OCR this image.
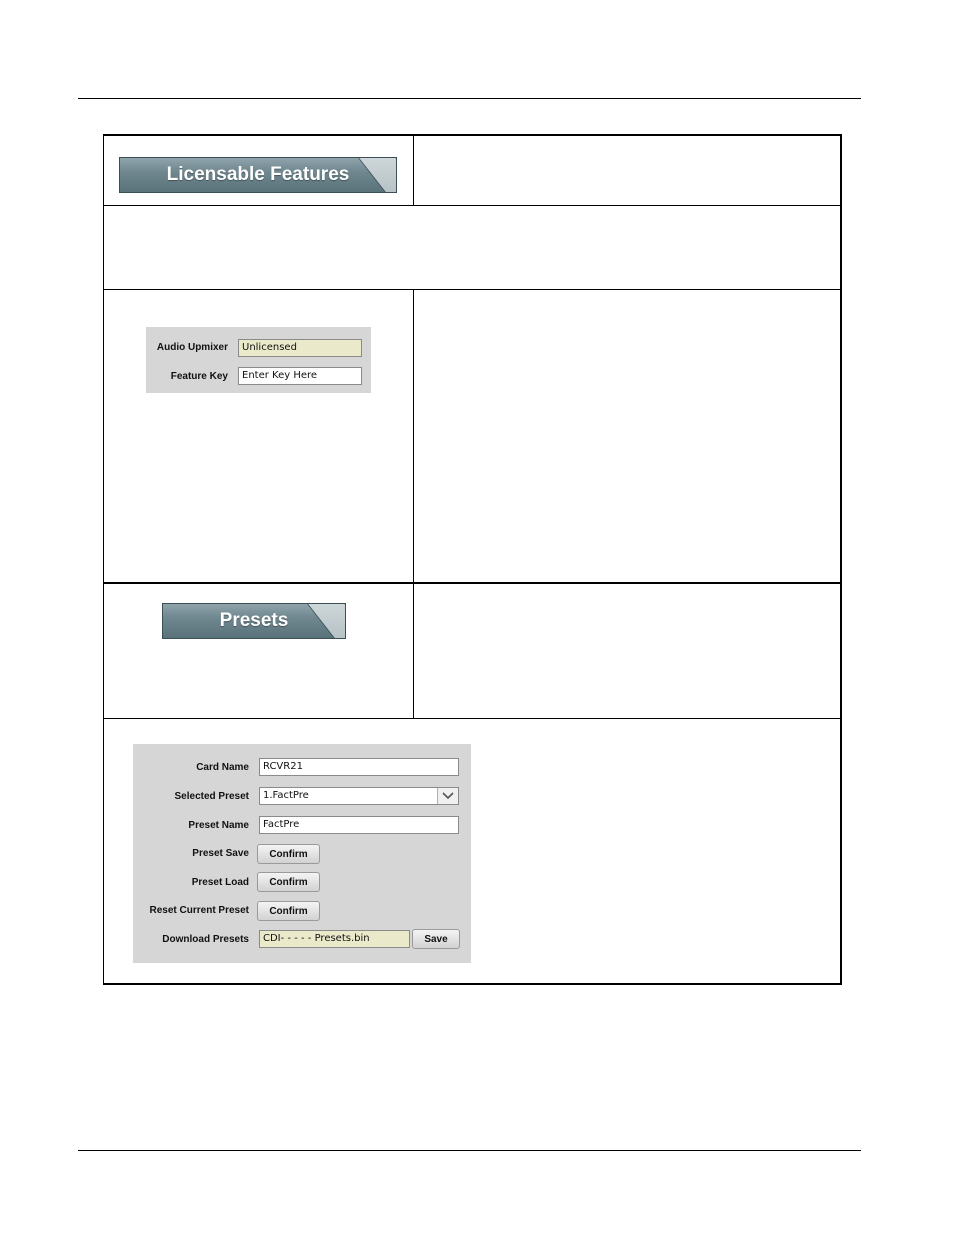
Licensable Features
Audio Upmixer	Unlicensed
Feature Key	Enter Key Here
Presets
Card Name	RCVR21
Selected Preset	1.FactPre
Preset Name	FactPre
Preset Save	Confirm
Preset Load	Confirm
Reset Current Preset	Confirm
Download Presets	CDI- - - - - Presets.bin	Save
